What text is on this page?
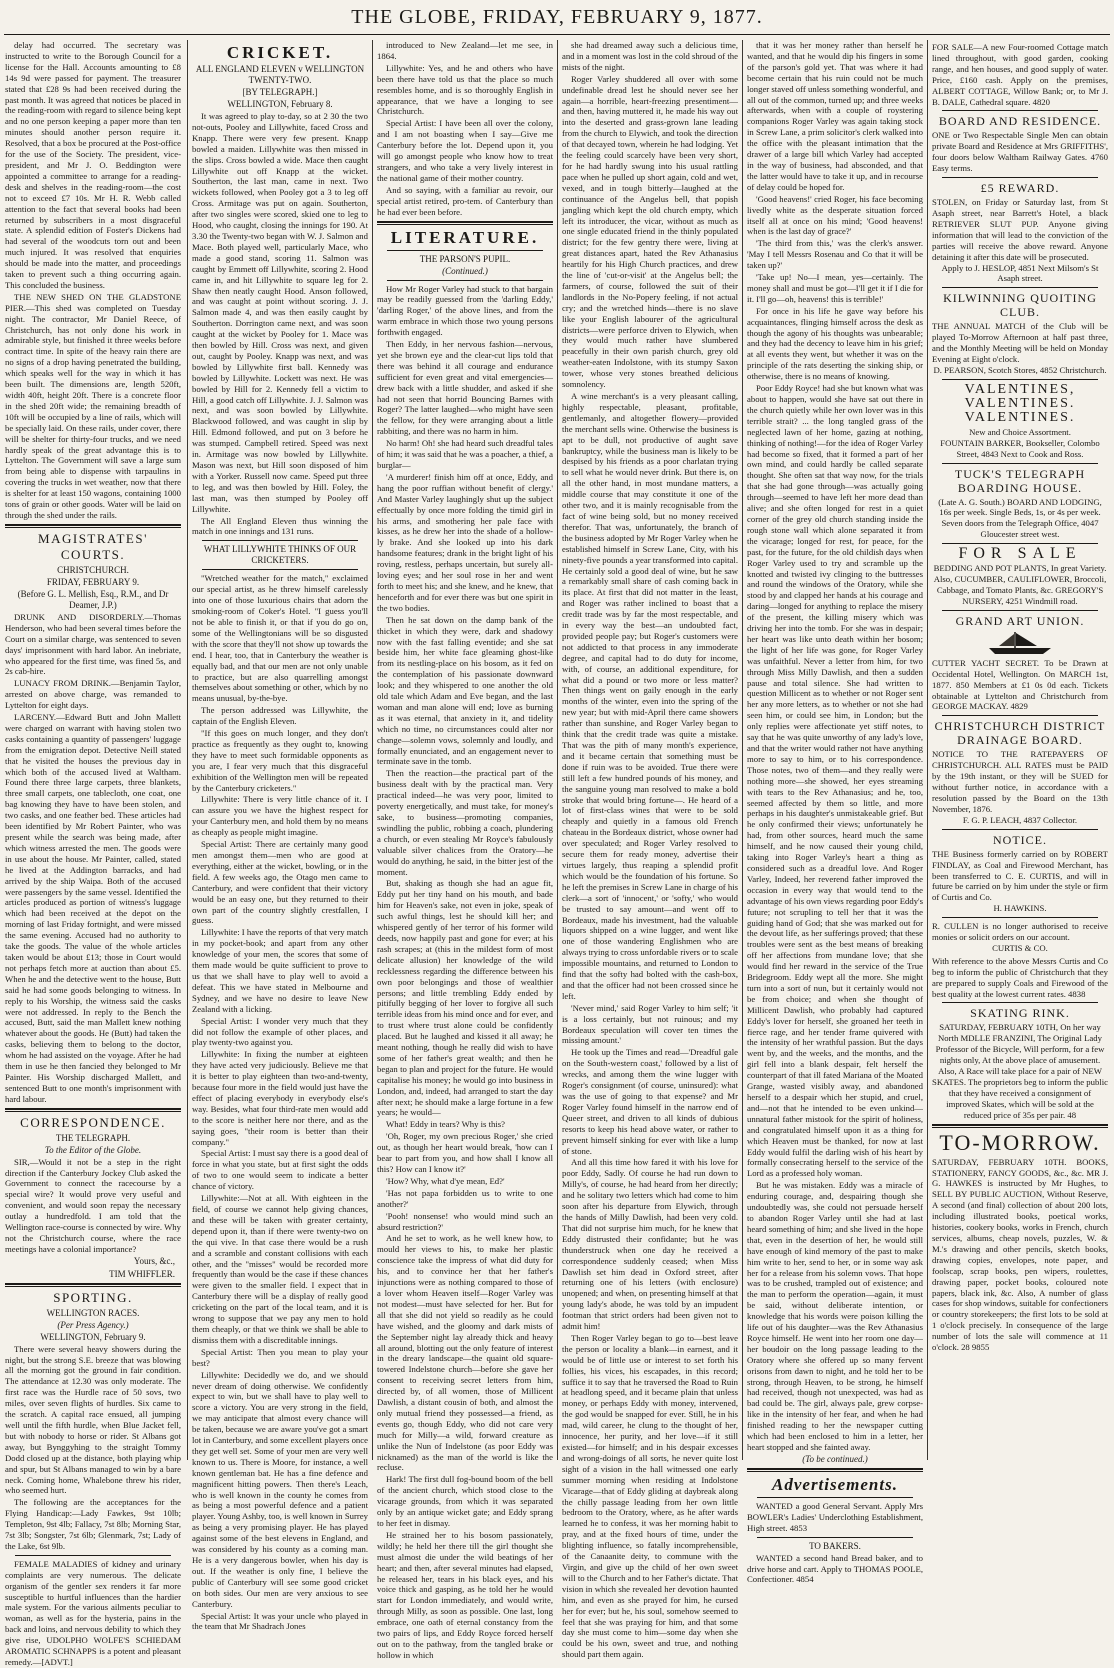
THE GLOBE, FRIDAY, FEBRUARY 9, 1877.

delay had occurred. The secretary was instructed to write to the Borough Council for a license for the Hall. Accounts amounting to £8 14s 9d were passed for payment. The treasurer stated that £28 9s had been received during the past month. It was agreed that notices be placed in the reading-room with regard to silence being kept and no one person keeping a paper more than ten minutes should another person require it. Resolved, that a box be procured at the Post-office for the use of the Society. The president, vice-president, and Mr J. O. Beddington were appointed a committee to arrange for a reading-desk and shelves in the reading-room—the cost not to exceed £7 10s. Mr H. R. Webb called attention to the fact that several books had been returned by subscribers in a most disgraceful state. A splendid edition of Foster's Dickens had had several of the woodcuts torn out and been much injured. It was resolved that enquiries should be made into the matter, and proceedings taken to prevent such a thing occurring again. This concluded the business.

THE NEW SHED ON THE GLADSTONE PIER.—This shed was completed on Tuesday night. The contractor, Mr Daniel Reece, of Christchurch, has not only done his work in admirable style, but finished it three weeks before contract time. In spite of the heavy rain there are no signs of a drop having penetrated the building, which speaks well for the way in which it has been built. The dimensions are, length 520ft, width 40ft, height 20ft. There is a concrete floor in the shed 20ft wide; the remaining breadth of 10ft will be occupied by a line of rails, which will be specially laid. On these rails, under cover, there will be shelter for thirty-four trucks, and we need hardly speak of the great advantage this is to Lyttelton. The Government will save a large sum from being able to dispense with tarpaulins in covering the trucks in wet weather, now that there is shelter for at least 150 wagons, containing 1000 tons of grain or other goods. Water will be laid on through the shed under the rails.

MAGISTRATES' COURTS.
CHRISTCHURCH.
FRIDAY, FEBRUARY 9.
(Before G. L. Mellish, Esq., R.M., and Dr Deamer, J.P.)

DRUNK AND DISORDERLY.—Thomas Henderson, who had been several times before the Court on a similar charge, was sentenced to seven days' imprisonment with hard labor. An inebriate, who appeared for the first time, was fined 5s, and 2s cab-hire.

LUNACY FROM DRINK.—Benjamin Taylor, arrested on above charge, was remanded to Lyttelton for eight days.

LARCENY.—Edward Butt and John Mallett were charged on warrant with having stolen two casks containing a quantity of passengers' luggage from the emigration depot. Detective Neill stated that he visited the houses the previous day in which both of the accused lived at Waltham. Found there three large carpets, three blankets, three small carpets, one tablecloth, one coat, one bag knowing they have to have been stolen, and two casks, and one feather bed. These articles had been identified by Mr Robert Painter, who was present while the search was being made, after which witness arrested the men. The goods were in use about the house. Mr Painter, called, stated he lived at the Addington barracks, and had arrived by the ship Waipa. Both of the accused were passengers by the same vessel. Identified the articles produced as portion of witness's luggage which had been received at the depot on the morning of last Friday fortnight, and were missed the same evening. Accused had no authority to take the goods. The value of the whole articles taken would be about £13; those in Court would not perhaps fetch more at auction than about £5. When he and the detective went to the house, Butt said he had some goods belonging to witness. In reply to his Worship, the witness said the casks were not addressed. In reply to the Bench the accused, Butt, said the man Mallett knew nothing whatever about the goods. He (Butt) had taken the casks, believing them to belong to the doctor, whom he had assisted on the voyage. After he had them in use he then fancied they belonged to Mr Painter. His Worship discharged Mallett, and sentenced Butt to one month's imprisonment with hard labour.

CORRESPONDENCE.
THE TELEGRAPH.
To the Editor of the Globe.

SIR,—Would it not be a step in the right direction if the Canterbury Jockey Club asked the Government to connect the racecourse by a special wire? It would prove very useful and convenient, and would soon repay the necessary outlay a hundredfold. I am told that the Wellington race-course is connected by wire. Why not the Christchurch course, where the race meetings have a colonial importance?

Yours, &c.,
TIM WHIFFLER.
SPORTING.
WELLINGTON RACES.
(Per Press Agency.)
WELLINGTON, February 9.

There were several heavy showers during the night, but the strong S.E. breeze that was blowing all the morning got the ground in fair condition. The attendance at 12.30 was only moderate. The first race was the Hurdle race of 50 sovs, two miles, over seven flights of hurdles. Six came to the scratch. A capital race ensued, all jumping well until the fifth hurdle, when Blue Jacket fell, but with nobody to horse or rider. St Albans got away, but Bynggyhing to the straight Tommy Dodd closed up at the distance, both playing whip and spur, but St Albans managed to win by a bare neck. Coming home, Whalebone threw his rider, who seemed hurt.

The following are the acceptances for the Flying Handicap:—Lady Fawkes, 9st 10lb; Templeton, 9st 4lb; Fallacy, 7st 8lb; Morning Star, 7st 3lb; Songster, 7st 6lb; Glenmark, 7st; Lady of the Lake, 6st 9lb.

FEMALE MALADIES of kidney and urinary complaints are very numerous. The delicate organism of the gentler sex renders it far more susceptible to hurtful influences than the hardier male system. For the various ailments peculiar to woman, as well as for the hysteria, pains in the back and loins, and nervous debility to which they give rise, UDOLPHO WOLFE'S SCHIEDAM AROMATIC SCHNAPPS is a potent and pleasant remedy.—[ADVT.]

CRICKET.
ALL ENGLAND ELEVEN v WELLINGTON TWENTY-TWO.
[BY TELEGRAPH.]
WELLINGTON, February 8.

It was agreed to play to-day, so at 2 30 the two not-outs, Pooley and Lillywhite, faced Cross and Knapp. There were very few present. Knapp bowled a maiden. Lillywhite was then missed in the slips. Cross bowled a wide. Mace then caught Lillywhite out off Knapp at the wicket. Southerton, the last man, came in next. Two wickets followed, when Pooley got a 3 to leg off Cross. Armitage was put on again. Southerton, after two singles were scored, skied one to leg to Hood, who caught, closing the innings for 190. At 3.30 the Twenty-two began with W. J. Salmon and Mace. Both played well, particularly Mace, who made a good stand, scoring 11. Salmon was caught by Emmett off Lillywhite, scoring 2. Hood came in, and hit Lillywhite to square leg for 2. Shaw then neatly caught Hood. Anson followed, and was caught at point without scoring. J. J. Salmon made 4, and was then easily caught by Southerton. Dorrington came next, and was soon caught at the wicket by Pooley for 1. Mace was then bowled by Hill. Cross was next, and given out, caught by Pooley. Knapp was next, and was bowled by Lillywhite first ball. Kennedy was bowled by Lillywhite. Lockett was next. He was bowled by Hill for 2. Kennedy fell a victim to Hill, a good catch off Lillywhite. J. J. Salmon was next, and was soon bowled by Lillywhite. Blackwood followed, and was caught in slip by Hill. Edmond followed, and put on 3 before he was stumped. Campbell retired. Speed was next in. Armitage was now bowled by Lillywhite. Mason was next, but Hill soon disposed of him with a Yorker. Russell now came. Speed put three to leg, and was then bowled by Hill. Foley, the last man, was then stumped by Pooley off Lillywhite.

The All England Eleven thus winning the match in one innings and 131 runs.

WHAT LILLYWHITE THINKS OF OUR CRICKETERS.

"Wretched weather for the match," exclaimed our special artist, as he threw himself carelessly into one of those luxurious chairs that adorn the smoking-room of Coker's Hotel. "I guess you'll not be able to finish it, or that if you do go on, some of the Wellingtonians will be so disgusted with the score that they'll not show up towards the end. I hear, too, that in Canterbury the weather is equally bad, and that our men are not only unable to practice, but are also quarrelling amongst themselves about something or other, which by no means unusual, by-the-bye.

The person addressed was Lillywhite, the captain of the English Eleven.

"If this goes on much longer, and they don't practice as frequently as they ought to, knowing they have to meet such formidable opponents as you are, I fear very much that this disgraceful exhibition of the Wellington men will be repeated by the Canterbury cricketers."

Lillywhite: There is very little chance of it. I can assure you we have the highest respect for your Canterbury men, and hold them by no means as cheaply as people might imagine.

Special Artist: There are certainly many good men amongst them—men who are good at everything, either at the wicket, bowling, or in the field. A few weeks ago, the Otago men came to Canterbury, and were confident that their victory would be an easy one, but they returned to their own part of the country slightly crestfallen, I guess.

Lillywhite: I have the reports of that very match in my pocket-book; and apart from any other knowledge of your men, the scores that some of them made would be quite sufficient to prove to us that we shall have to play well to avoid a defeat. This we have stated in Melbourne and Sydney, and we have no desire to leave New Zealand with a licking.

Special Artist: I wonder very much that they did not follow the example of other places, and play twenty-two against you.

Lillywhite: In fixing the number at eighteen they have acted very judiciously. Believe me that it is better to play eighteen than two-and-twenty, because four more in the field would just have the effect of placing everybody in everybody else's way. Besides, what four third-rate men would add to the score is neither here nor there, and as the saying goes, "their room is better than their company."

Special Artist: I must say there is a good deal of force in what you state, but at first sight the odds of two to one would seem to indicate a better chance of victory.

Lillywhite:—Not at all. With eighteen in the field, of course we cannot help giving chances, and these will be taken with greater certainty, depend upon it, than if there were twenty-two on the qui vive. In that case there would be a rush and a scramble and constant collisions with each other, and the "misses" would be recorded more frequently than would be the case if these chances were given to the smaller field. I expect that in Canterbury there will be a display of really good cricketing on the part of the local team, and it is wrong to suppose that we pay any men to hold them cheaply, or that we think we shall be able to dismiss them with a discreditable innings.

Special Artist: Then you mean to play your best?

Lillywhite: Decidedly we do, and we should never dream of doing otherwise. We confidently expect to win, but we shall have to play well to score a victory. You are very strong in the field, we may anticipate that almost every chance will be taken, because we are aware you've got a smart lot in Canterbury, and some excellent players once they get well set. Some of your men are very well known to us. There is Moore, for instance, a well known gentleman bat. He has a fine defence and magnificent hitting powers. Then there's Leach, who is well known in the county he comes from as being a most powerful defence and a patient player. Young Ashby, too, is well known in Surrey as being a very promising player. He has played against some of the best elevens in England, and was considered by his county as a coming man. He is a very dangerous bowler, when his day is out. If the weather is only fine, I believe the public of Canterbury will see some good cricket on both sides. Our men are very anxious to see Canterbury.

Special Artist: It was your uncle who played in the team that Mr Shadrach Jones

introduced to New Zealand—let me see, in 1864.

Lillywhite: Yes, and he and others who have been there have told us that the place so much resembles home, and is so thoroughly English in appearance, that we have a longing to see Christchurch.

Special Artist: I have been all over the colony, and I am not boasting when I say—Give me Canterbury before the lot. Depend upon it, you will go amongst people who know how to treat strangers, and who take a very lively interest in the national game of their mother country.

And so saying, with a familiar au revoir, our special artist retired, pro-tem. of Canterbury than he had ever been before.

LITERATURE.
THE PARSON'S PUPIL.
(Continued.)

How Mr Roger Varley had stuck to that bargain may be readily guessed from the 'darling Eddy,' 'darling Roger,' of the above lines, and from the warm embrace in which those two young persons forthwith engaged.

Then Eddy, in her nervous fashion—nervous, yet she brown eye and the clear-cut lips told that there was behind it all courage and endurance sufficient for even great and vital emergencies—drew back with a little shudder, and asked if she had not seen that horrid Bouncing Barnes with Roger? The latter laughed—who might have seen the fellow, for they were arranging about a little rabbiting, and there was no harm in him.

No harm! Oh! she had heard such dreadful tales of him; it was said that he was a poacher, a thief, a burglar—

'A murderer! finish him off at once, Eddy, and hang the poor ruffian without benefit of clergy.' And Master Varley laughingly shut up the subject effectually by once more folding the timid girl in his arms, and smothering her pale face with kisses, as he drew her into the shade of a hollow-ly brake. And she looked up into his dark handsome features; drank in the bright light of his roving, restless, perhaps uncertain, but surely all-loving eyes; and her soul rose in her and went forth to meet his; and she knew, and he knew, that henceforth and for ever there was but one spirit in the two bodies.

Then he sat down on the damp bank of the thicket in which they were, dark and shadowy now with the fast falling eventide; and she sat beside him, her white face gleaming ghost-like from its nestling-place on his bosom, as it fed on the contemplation of his passionate downward look; and they whispered to one another the old old tale which Adam and Eve began, and the last woman and man alone will end; love as burning as it was eternal, that anxiety in it, and tidelity which no time, no circumstances could alter nor change—solemn vows, solemnly and loudly, and formally enunciated, and an engagement never to terminate save in the tomb.

Then the reaction—the practical part of the business dealt with by the practical man. Very practical indeed—he was very poor, limited to poverty energetically, and must take, for money's sake, to business—promoting companies, swindling the public, robbing a coach, plundering a church, or even stealing Mr Royce's fabulously valuable silver chalices from the Oratory—he would do anything, he said, in the bitter jest of the moment.

But, shaking as though she had an ague fit, Eddy put her tiny hand on his mouth, and bade him for Heaven's sake, not even in joke, speak of such awful things, lest he should kill her; and whispered gently of her terror of his former wild deeds, now happily past and gone for ever; at his rash scrapes; at (this in the mildest form of most delicate allusion) her knowledge of the wild recklessness regarding the difference between his own poor belongings and those of wealthier persons; and little trembling Eddy ended by pitifully begging of her lover to forgive all such terrible ideas from his mind once and for ever, and to trust where trust alone could be confidently placed. But he laughed and kissed it all away; he meant nothing, though he really did wish to have some of her father's great wealth; and then he began to plan and project for the future. He would capitalise his money; he would go into business in London, and, indeed, had arranged to start the day after next; he should make a large fortune in a few years; he would—

What! Eddy in tears? Why is this?

'Oh, Roger, my own precious Roger,' she cried out, as though her heart would break, 'how can I bear to part from you, and how shall I know all this? How can I know it?'

'How? Why, what d'ye mean, Ed?'

'Has not papa forbidden us to write to one another?'

'Pooh! nonsense! who would mind such an absurd restriction?'

And he set to work, as he well knew how, to mould her views to his, to make her plastic conscience take the impress of what did duty for his, and to convince her that her father's injunctions were as nothing compared to those of a lover whom Heaven itself—Roger Varley was not modest—must have selected for her. But for all that she did not yield so readily as he could have wished, and the gloomy and dark mists of the September night lay already thick and heavy all around, blotting out the only feature of interest in the dreary landscape—the quaint old square-towered Indelstone church—before she gave her consent to receiving secret letters from him, directed by, of all women, those of Millicent Dawlish, a distant cousin of both, and almost the only mutual friend they possessed—a friend, as events go, though Eddy, who did not care very much for Milly—a wild, forward creature as unlike the Nun of Indelstone (as poor Eddy was nicknamed) as the man of the world is like the recluse.

Hark! The first dull fog-bound boom of the bell of the ancient church, which stood close to the vicarage grounds, from which it was separated only by an antique wicket gate; and Eddy sprang to her feet in dismay.

He strained her to his bosom passionately, wildly; he held her there till the girl thought she must almost die under the wild beatings of her heart; and then, after several minutes had elapsed, he released her, tears in his black eyes, and his voice thick and gasping, as he told her he would start for London immediately, and would write, through Milly, as soon as possible. One last, long embrace, one oath of eternal constancy from the two pairs of lips, and Eddy Royce forced herself out on to the pathway, from the tangled brake or hollow in which

she had dreamed away such a delicious time, and in a moment was lost in the cold shroud of the mists of the night.

Roger Varley shuddered all over with some undefinable dread lest he should never see her again—a horrible, heart-freezing presentiment—and then, having muttered it, he made his way out into the deserted and grass-grown lane leading from the church to Elywich, and took the direction of that decayed town, wherein he had lodging. Yet the feeling could scarcely have been very short, for he had hardly swung into his usual rattling pace when he pulled up short again, cold and wet, vexed, and in tough bitterly—laughed at the continuance of the Angelus bell, that popish jangling which kept the old church empty, which left its introducer, the vicar, without as much as one single educated friend in the thinly populated district; for the few gentry there were, living at great distances apart, hated the Rev Athanasius heartily for his High Church practices, and drew the line of 'cut-or-visit' at the Angelus bell; the farmers, of course, followed the suit of their landlords in the No-Popery feeling, if not actual cry; and the wretched hinds—there is no slave like your English labourer of the agricultural districts—were perforce driven to Elywich, when they would much rather have slumbered peacefully in their own parish church, grey old weather-eaten Indolstone, with its stumpy Saxon tower, whose very stones breathed delicious somnolency.

A wine merchant's is a very pleasant calling, highly respectable, pleasant, profitable, gentlemanly, and altogether flowery—provided the merchant sells wine. Otherwise the business is apt to be dull, not productive of aught save bankruptcy, while the business man is likely to be despised by his friends as a poor charlatan trying to sell what he would never drink. But there is, on all the other hand, in most mundane matters, a middle course that may constitute it one of the other two, and it is mainly recognisable from the fact of wine being sold, but no money received therefor. That was, unfortunately, the branch of the business adopted by Mr Roger Varley when he established himself in Screw Lane, City, with his ninety-five pounds a year transformed into capital. He certainly sold a good deal of wine, but he saw a remarkably small share of cash coming back in its place. At first that did not matter in the least, and Roger was rather inclined to boast that a credit trade was by far the most respectable, and in every way the best—an undoubted fact, provided people pay; but Roger's customers were not addicted to that process in any immoderate degree, and capital had to do duty for income, with, of course, an additional expenditure, for what did a pound or two more or less matter? Then things went on gaily enough in the early months of the winter, even into the spring of the new year; but with mid-April there came showers rather than sunshine, and Roger Varley began to think that the credit trade was quite a mistake. That was the pith of many month's experience, and it became certain that something must be done if ruin was to be avoided. True there were still left a few hundred pounds of his money, and the sanguine young man resolved to make a bold stroke that would bring fortune—. He heard of a lot of first-class wines that were to be sold cheaply and quietly in a famous old French chateau in the Bordeaux district, whose owner had over speculated; and Roger Varley resolved to secure them for ready money, advertise their virtues largely, thus reaping a splendid profit which would be the foundation of his fortune. So he left the premises in Screw Lane in charge of his clerk—a sort of 'innocent,' or 'softy,' who would be trusted to say amount—and went off to Bordeaux, made his investment, had the valuable liquors shipped on a wine lugger, and went like one of those wandering Englishmen who are always trying to cross unfordable rivers or to scale impossible mountains, and returned to London to find that the softy had bolted with the cash-box, and that the officer had not been crossed since he left.

'Never mind,' said Roger Varley to him self; 'it is a loss certainly, but not ruinous; and my Bordeaux speculation will cover ten times the missing amount.'

He took up the Times and read—'Dreadful gale on the South-western coast,' followed by a list of wrecks, and among them the wine lugger with Roger's consignment (of course, uninsured): what was the use of going to that expense? and Mr Roger Varley found himself in the narrow end of Queer street, and driven to all kinds of dubious resorts to keep his head above water, or rather to prevent himself sinking for ever with like a lump of stone.

And all this time how fared it with his love for poor Eddy, Sadly. Of course he had run down to Milly's, of course, he had heard from her directly; and he solitary two letters which had come to him soon after his departure from Elywich, through the hands of Milly Dawlish, had been very cold. That did not surprise him much, for he knew that Eddy distrusted their confidante; but he was thunderstruck when one day he received a correspondence suddenly ceased; when Miss Dawlish set him dead in Oxford street, after returning one of his letters (with enclosure) unopened; and when, on presenting himself at that young lady's abode, he was told by an impudent footman that strict orders had been given not to admit him!

Then Roger Varley began to go to—best leave the person or locality a blank—in earnest, and it would be of little use or interest to set forth his follies, his vices, his escapades, in this record; suffice it to say that he traversed the Road to Ruin at headlong speed, and it became plain that unless money, or perhaps Eddy with money, intervened, the god would be snapped for ever. Still, he in his mad, wild career, he clung to the thought of her, innocence, her purity, and her love—if it still existed—for himself; and in his despair excesses and wrong-doings of all sorts, he never quite lost sight of a vision in the hall witnessed one early summer morning when residing at Indolstone Vicarage—that of Eddy gliding at daybreak along the chilly passage leading from her own little bedroom to the Oratory, where, as he after wards learned he to confess, it was her morning habit to pray, and at the fixed hours of time, under the blighting influence, so fatally incomprehensible, of the Canaanite deity, to commune with the Virgin, and give up the child of her own sweet will to the Church and to her Father's dictate. That vision in which she revealed her devotion haunted him, and even as she prayed for him, he cursed her for ever; but he, his soul, somehow seemed to feel that she was praying for him, and that some day she must come to him—some day when she could be his own, sweet and true, and nothing should part them again.

that it was her money rather than herself he wanted, and that he would dip his fingers in some of the parson's gold yet. That was where it had become certain that his ruin could not be much longer staved off unless something wonderful, and all out of the common, turned up; and three weeks afterwards, when with a couple of roystering companions Roger Varley was again taking stock in Screw Lane, a prim solicitor's clerk walked into the office with the pleasant intimation that the drawer of a large bill which Varley had accepted in the way of business, had absconded, and that the latter would have to take it up, and in recourse of delay could be hoped for.

'Good heavens!' cried Roger, his face becoming livedly white as the desperate situation forced itself all at once on his mind; 'Good heavens! when is the last day of grace?'

'The third from this,' was the clerk's answer. 'May I tell Messrs Rosenau and Co that it will be taken up?'

'Take up! No—I mean, yes—certainly. The money shall and must be got—I'll get it if I die for it. I'll go—oh, heavens! this is terrible!'

For once in his life he gave way before his acquaintances, flinging himself across the desk as though the agony of his thoughts was unbearable; and they had the decency to leave him in his grief; at all events they went, but whether it was on the principle of the rats deserting the sinking ship, or otherwise, there is no means of knowing.

Poor Eddy Royce! had she but known what was about to happen, would she have sat out there in the church quietly while her own lover was in this terrible strait? ... the long tangled grass of the neglected lawn of her home, gazing at nothing, thinking of nothing!—for the idea of Roger Varley had become so fixed, that it formed a part of her own mind, and could hardly be called separate thought. She often sat that way now, for the trials that she had gone through—was actually going through—seemed to have left her more dead than alive; and she often longed for rest in a quiet corner of the grey old church standing inside the rough stone wall which alone separated it from the vicarage; longed for rest, for peace, for the past, for the future, for the old childish days when Roger Varley used to try and scramble up the knotted and twisted ivy clinging to the buttresses and round the windows of the Oratory, while she stood by and clapped her hands at his courage and daring—longed for anything to replace the misery of the present, the killing misery which was driving her into the tomb. For she was in despair; her heart was like unto death within her bosom; the light of her life was gone, for Roger Varley was unfaithful. Never a letter from him, for two through Miss Milly Dawlish, and then a sudden pause and total silence. She had written to question Millicent as to whether or not Roger sent her any more letters, as to whether or not she had seen him, or could see him, in London; but the only replies were affectionate yet stiff notes, to say that he was quite unworthy of any lady's love, and that the writer would rather not have anything more to say to him, or to his correspondence. Those notes, two of them—and they really were nothing more—she showed, her eyes streaming with tears to the Rev Athanasius; and he, too, seemed affected by them so little, and more perhaps in his daughter's unmistakeable grief. But he only confirmed their views; unfortunately he had, from other sources, heard much the same himself, and he now caused their young child, taking into Roger Varley's heart a thing as considered such as a dreadful love. And Roger Varley, Indeed, her reverend father improved the occasion in every way that would tend to the advantage of his own views regarding poor Eddy's future; not scrupling to tell her that it was the guiding hand of God; that she was marked out for the devout life, as her sufferings proved; that these troubles were sent as the best means of breaking off her affections from mundane love; that she would find her reward in the service of the True Bridegroom. Eddy wept all the more. She might turn into a sort of nun, but it certainly would not be from choice; and when she thought of Millicent Dawlish, who probably had captured Eddy's lover for herself, she groaned her teeth in fierce rage, and her tender frame quivered with the intensity of her wrathful passion. But the days went by, and the weeks, and the months, and the girl fell into a blank despair, felt herself the counterpart of that ill fated Mariana of the Moated Grange, wasted visibly away, and abandoned herself to a despair which her stupid, and cruel, and—not that he intended to be even unkind—unnatural father mistook for the spirit of holiness, and congratulated himself upon it as a thing for which Heaven must be thanked, for now at last Eddy would fulfil the darling wish of his heart by formally consecrating herself to the service of the Lord as a professed holy woman.

But he was mistaken. Eddy was a miracle of enduring courage, and, despairing though she undoubtedly was, she could not persuade herself to abandon Roger Varley until she had at last heard something of him; and she lived in the hope that, even in the desertion of her, he would still have enough of kind memory of the past to make him write to her, send to her, or in some way ask her for a release from his solemn vows. That hope was to be crushed, trampled out of existence; and the man to perform the operation—again, it must be said, without deliberate intention, or knowledge that his words were poison killing the life out of his daughter—was the Rev Athanasius Royce himself. He went into her room one day—her boudoir on the long passage leading to the Oratory where she offered up so many fervent orisons from dawn to night, and he told her to be strong, through Heaven, to be strong, he himself had received, though not unexpected, was had as bad could be. The girl, always pale, grew corpse-like in the intensity of her fear, and when he had finished reading to her the newspaper cutting which had been enclosed to him in a letter, her heart stopped and she fainted away.

(To be continued.)
Advertisements.

WANTED a good General Servant. Apply Mrs BOWLER's Ladies' Underclothing Establishment, High street. 4853

TO BAKERS.

WANTED a second hand Bread baker, and to drive horse and cart. Apply to THOMAS POOLE, Confectioner. 4854

FOR SALE—A new Four-roomed Cottage match lined throughout, with good garden, cooking range, and hen houses, and good supply of water. Price, £160 cash. Apply on the premises, ALBERT COTTAGE, Willow Bank; or, to Mr J. B. DALE, Cathedral square. 4820

BOARD AND RESIDENCE.

ONE or Two Respectable Single Men can obtain private Board and Residence at Mrs GRIFFITHS', four doors below Waltham Railway Gates. 4760 Easy terms.

£5 REWARD.

STOLEN, on Friday or Saturday last, from St Asaph street, near Barrett's Hotel, a black RETRIEVER SLUT PUP. Anyone giving information that will lead to the conviction of the parties will receive the above reward. Anyone detaining it after this date will be prosecuted.

Apply to J. HESLOP, 4851 Next Milsom's St Asaph street.

KILWINNING QUOITING CLUB.

THE ANNUAL MATCH of the Club will be played To-Morrow Afternoon at half past three, and the Monthly Meeting will be held on Monday Evening at Eight o'clock.

D. PEARSON, Scotch Stores, 4852 Christchurch.

VALENTINES, VALENTINES. VALENTINES.

New and Choice Assortment.

FOUNTAIN BARKER, Bookseller, Colombo Street, 4843 Next to Cook and Ross.

TUCK'S TELEGRAPH BOARDING HOUSE.

(Late A. G. South.) BOARD AND LODGING, 16s per week. Single Beds, 1s, or 4s per week. Seven doors from the Telegraph Office, 4047 Gloucester street west.

FOR SALE

BEDDING AND POT PLANTS, In great Variety. Also, CUCUMBER, CAULIFLOWER, Broccoli, Cabbage, and Tomato Plants, &c. GREGORY'S NURSERY, 4251 Windmill road.

GRAND ART UNION.

CUTTER YACHT SECRET. To be Drawn at Occidental Hotel, Wellington. On MARCH 1st, 1877. 850 Members at £1 0s 0d each. Tickets obtainable at Lyttelton and Christchurch from GEORGE MACKAY. 4829

CHRISTCHURCH DISTRICT DRAINAGE BOARD.

NOTICE TO THE RATEPAYERS OF CHRISTCHURCH. ALL RATES must be PAID by the 19th instant, or they will be SUED for without further notice, in accordance with a resolution passed by the Board on the 13th November, 1876.

F. G. P. LEACH, 4837 Collector.

NOTICE.

THE Business formerly carried on by ROBERT FINDLAY, as Coal and Firewood Merchant, has been transferred to C. E. CURTIS, and will in future be carried on by him under the style or firm of Curtis and Co.

H. HAWKINS.

R. CULLEN is no longer authorised to receive monies or solicit orders on our account.

CURTIS & CO.

With reference to the above Messrs Curtis and Co beg to inform the public of Christchurch that they are prepared to supply Coals and Firewood of the best quality at the lowest current rates. 4838

SKATING RINK.

SATURDAY, FEBRUARY 10TH, On her way North MDLLE FRANZINI, The Original Lady Professor of the Bicycle, Will perform, for a few nights only, At the above place of amusement. Also, A Race will take place for a pair of NEW SKATES. The proprietors beg to inform the public that they have received a consignment of improved Skates, which will be sold at the reduced price of 35s per pair. 48

TO-MORROW.

SATURDAY, FEBRUARY 10TH. BOOKS, STATIONERY, FANCY GOODS, &c., &c. MR J. G. HAWKES is instructed by Mr Hughes, to SELL BY PUBLIC AUCTION, Without Reserve, A second (and final) collection of about 200 lots, including illustrated books, poetical works, histories, cookery books, works in French, church services, albums, cheap novels, puzzles, W. & M.'s drawing and other pencils, sketch books, drawing copies, envelopes, note paper, and foolscap, scrap books, pen wipers, roulettes, drawing paper, pocket books, coloured note papers, black ink, &c. Also, A number of glass cases for shop windows, suitable for confectioners or country storekeepers; the first lots to be sold at 1 o'clock precisely. In consequence of the large number of lots the sale will commence at 11 o'clock. 28 9855
